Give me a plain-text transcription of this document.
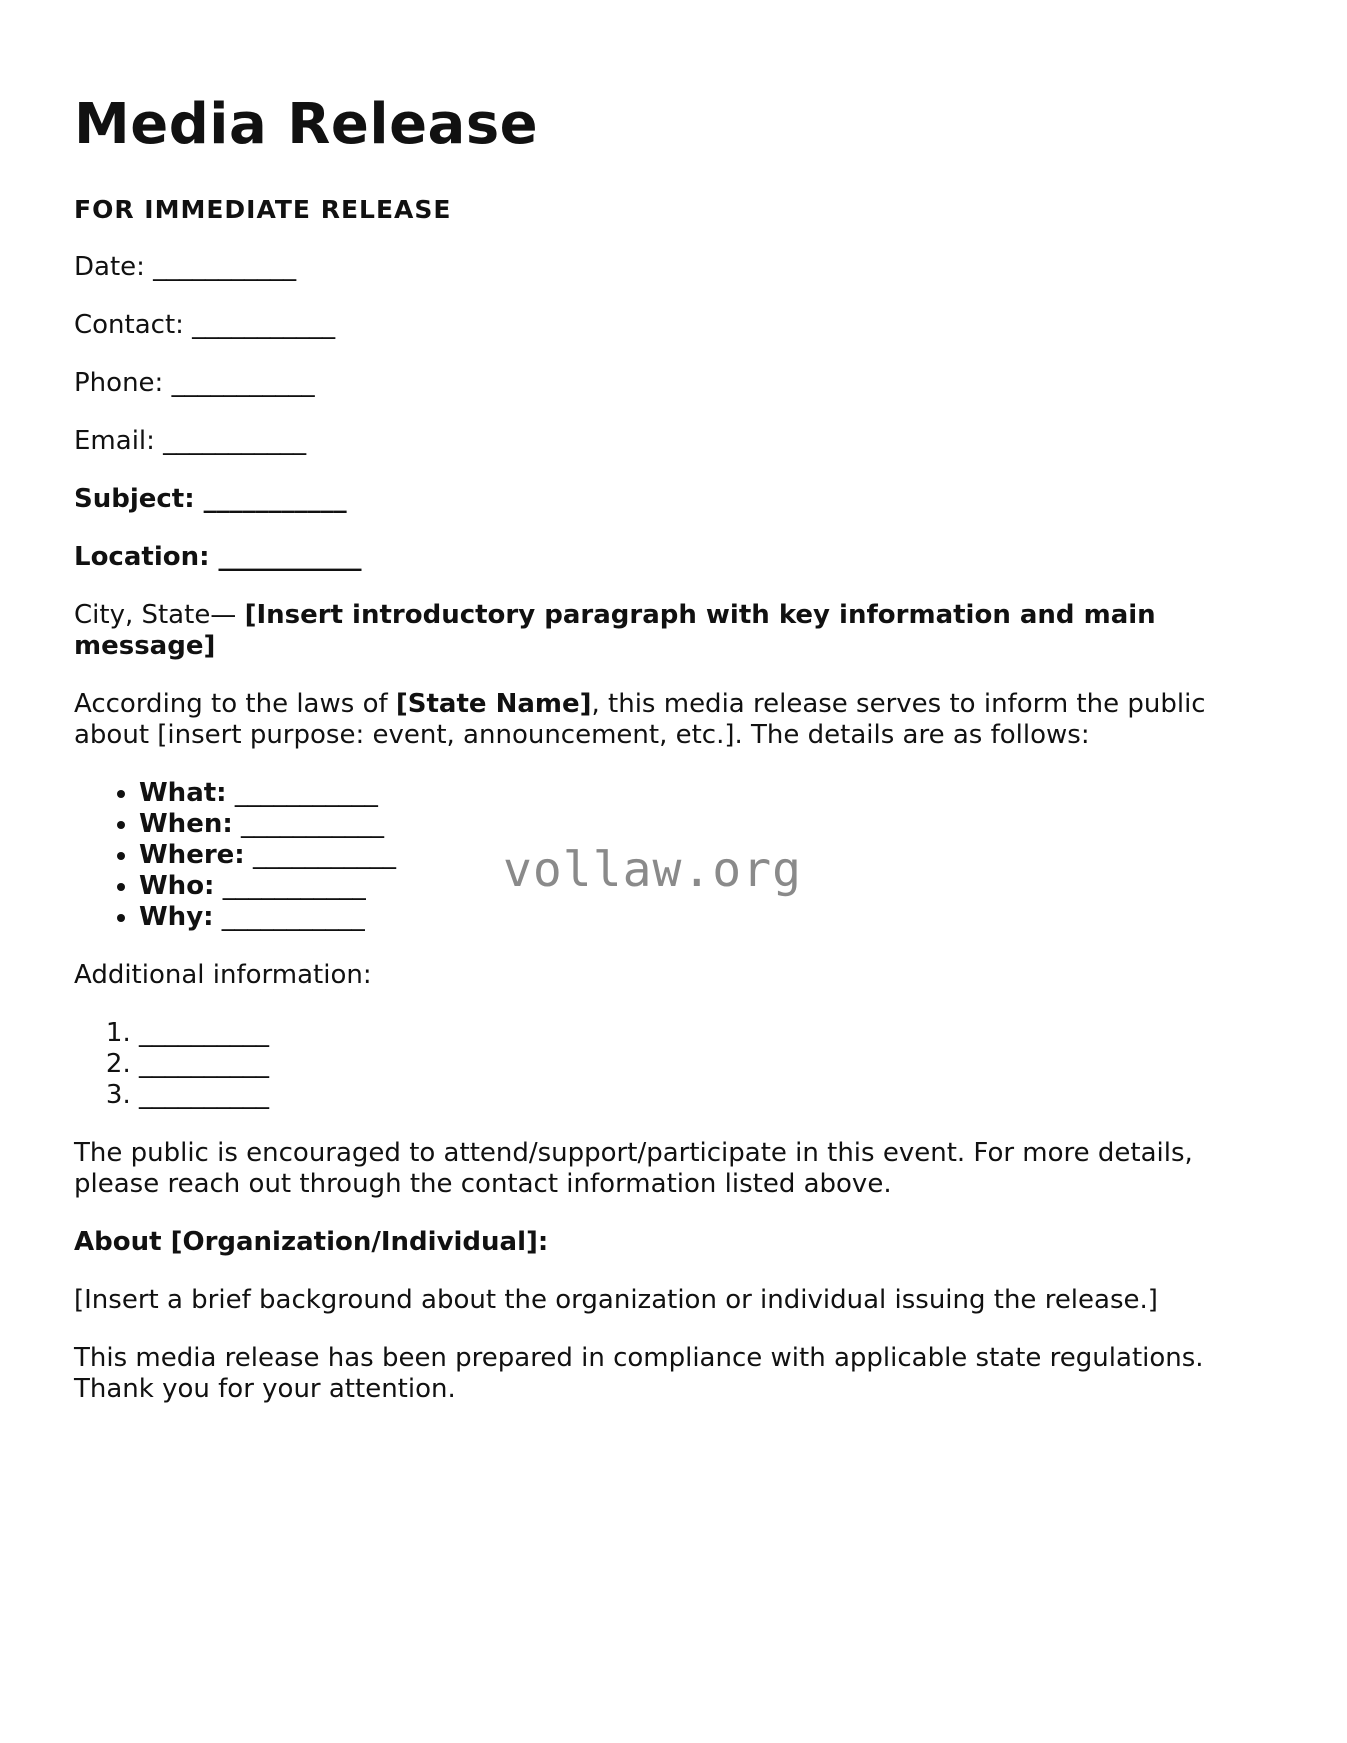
Media Release

FOR IMMEDIATE RELEASE

Date: ___________

Contact: ___________

Phone: ___________

Email: ___________

Subject: ___________

Location: ___________

City, State— [Insert introductory paragraph with key information and main message]

According to the laws of [State Name], this media release serves to inform the public about [insert purpose: event, announcement, etc.]. The details are as follows:

• What: ___________
• When: ___________
• Where: ___________
• Who: ___________
• Why: ___________

Additional information:

1. __________
2. __________
3. __________

The public is encouraged to attend/support/participate in this event. For more details, please reach out through the contact information listed above.

About [Organization/Individual]:

[Insert a brief background about the organization or individual issuing the release.]

This media release has been prepared in compliance with applicable state regulations. Thank you for your attention.

vollaw.org
